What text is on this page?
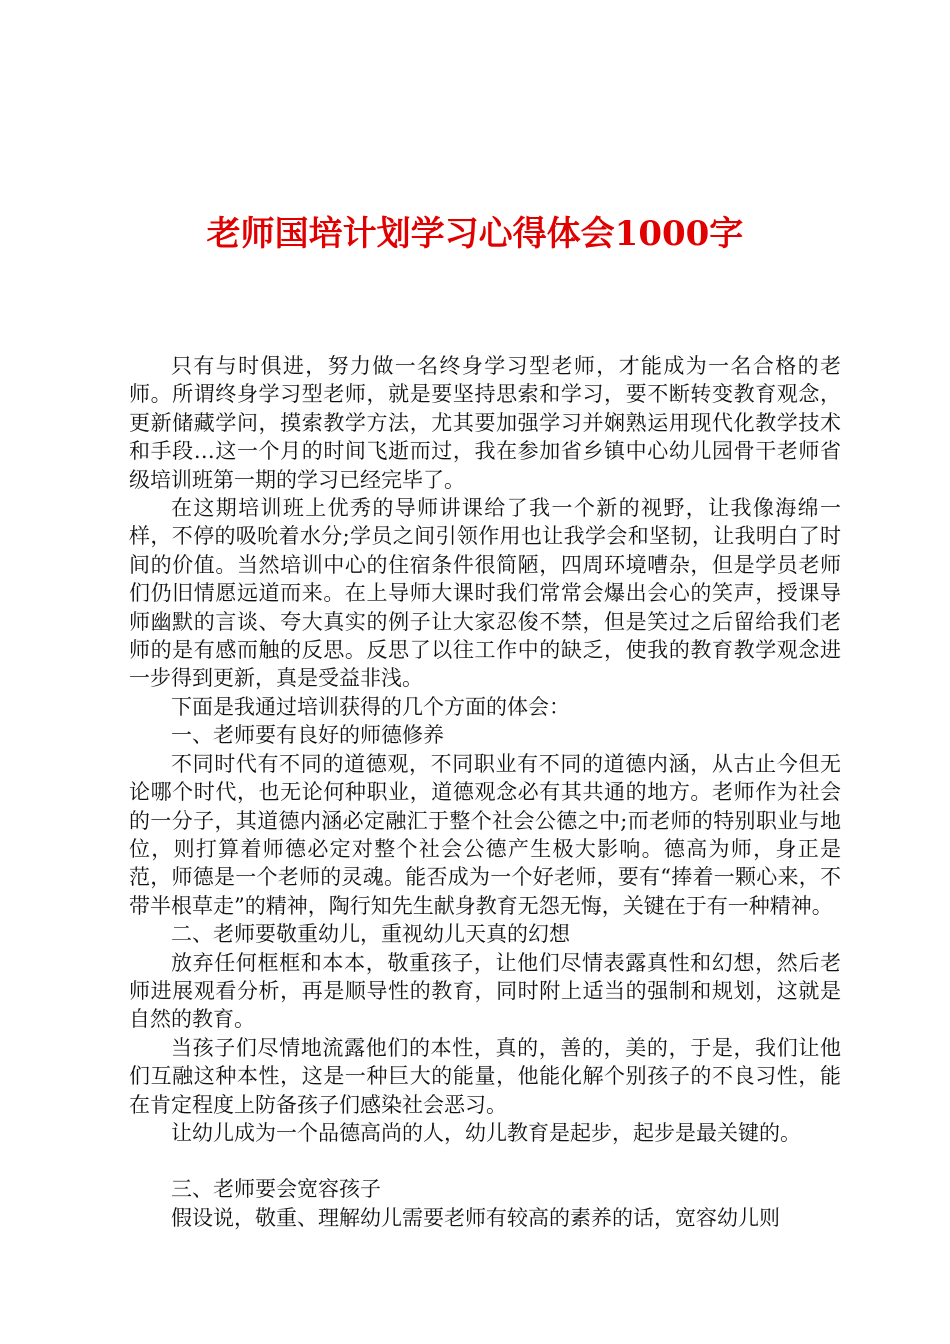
老师国培计划学习心得体会1000字

只有与时俱进，努力做一名终身学习型老师，才能成为一名合格的老师。所谓终身学习型老师，就是要坚持思索和学习，要不断转变教育观念，更新储藏学问，摸索教学方法，尤其要加强学习并娴熟运用现代化教学技术和手段…这一个月的时间飞逝而过，我在参加省乡镇中心幼儿园骨干老师省级培训班第一期的学习已经完毕了。

在这期培训班上优秀的导师讲课给了我一个新的视野，让我像海绵一样，不停的吸吮着水分;学员之间引领作用也让我学会和坚韧，让我明白了时间的价值。当然培训中心的住宿条件很简陋，四周环境嘈杂，但是学员老师们仍旧情愿远道而来。在上导师大课时我们常常会爆出会心的笑声，授课导师幽默的言谈、夸大真实的例子让大家忍俊不禁，但是笑过之后留给我们老师的是有感而触的反思。反思了以往工作中的缺乏，使我的教育教学观念进一步得到更新，真是受益非浅。

下面是我通过培训获得的几个方面的体会：

一、老师要有良好的师德修养

不同时代有不同的道德观，不同职业有不同的道德内涵，从古止今但无论哪个时代，也无论何种职业，道德观念必有其共通的地方。老师作为社会的一分子，其道德内涵必定融汇于整个社会公德之中;而老师的特别职业与地位，则打算着师德必定对整个社会公德产生极大影响。德高为师，身正是范，师德是一个老师的灵魂。能否成为一个好老师，要有“捧着一颗心来，不带半根草走”的精神，陶行知先生献身教育无怨无悔，关键在于有一种精神。

二、老师要敬重幼儿，重视幼儿天真的幻想

放弃任何框框和本本，敬重孩子，让他们尽情表露真性和幻想，然后老师进展观看分析，再是顺导性的教育，同时附上适当的强制和规划，这就是自然的教育。

当孩子们尽情地流露他们的本性，真的，善的，美的，于是，我们让他们互融这种本性，这是一种巨大的能量，他能化解个别孩子的不良习性，能在肯定程度上防备孩子们感染社会恶习。

让幼儿成为一个品德高尚的人，幼儿教育是起步，起步是最关键的。

三、老师要会宽容孩子

假设说，敬重、理解幼儿需要老师有较高的素养的话，宽容幼儿则
